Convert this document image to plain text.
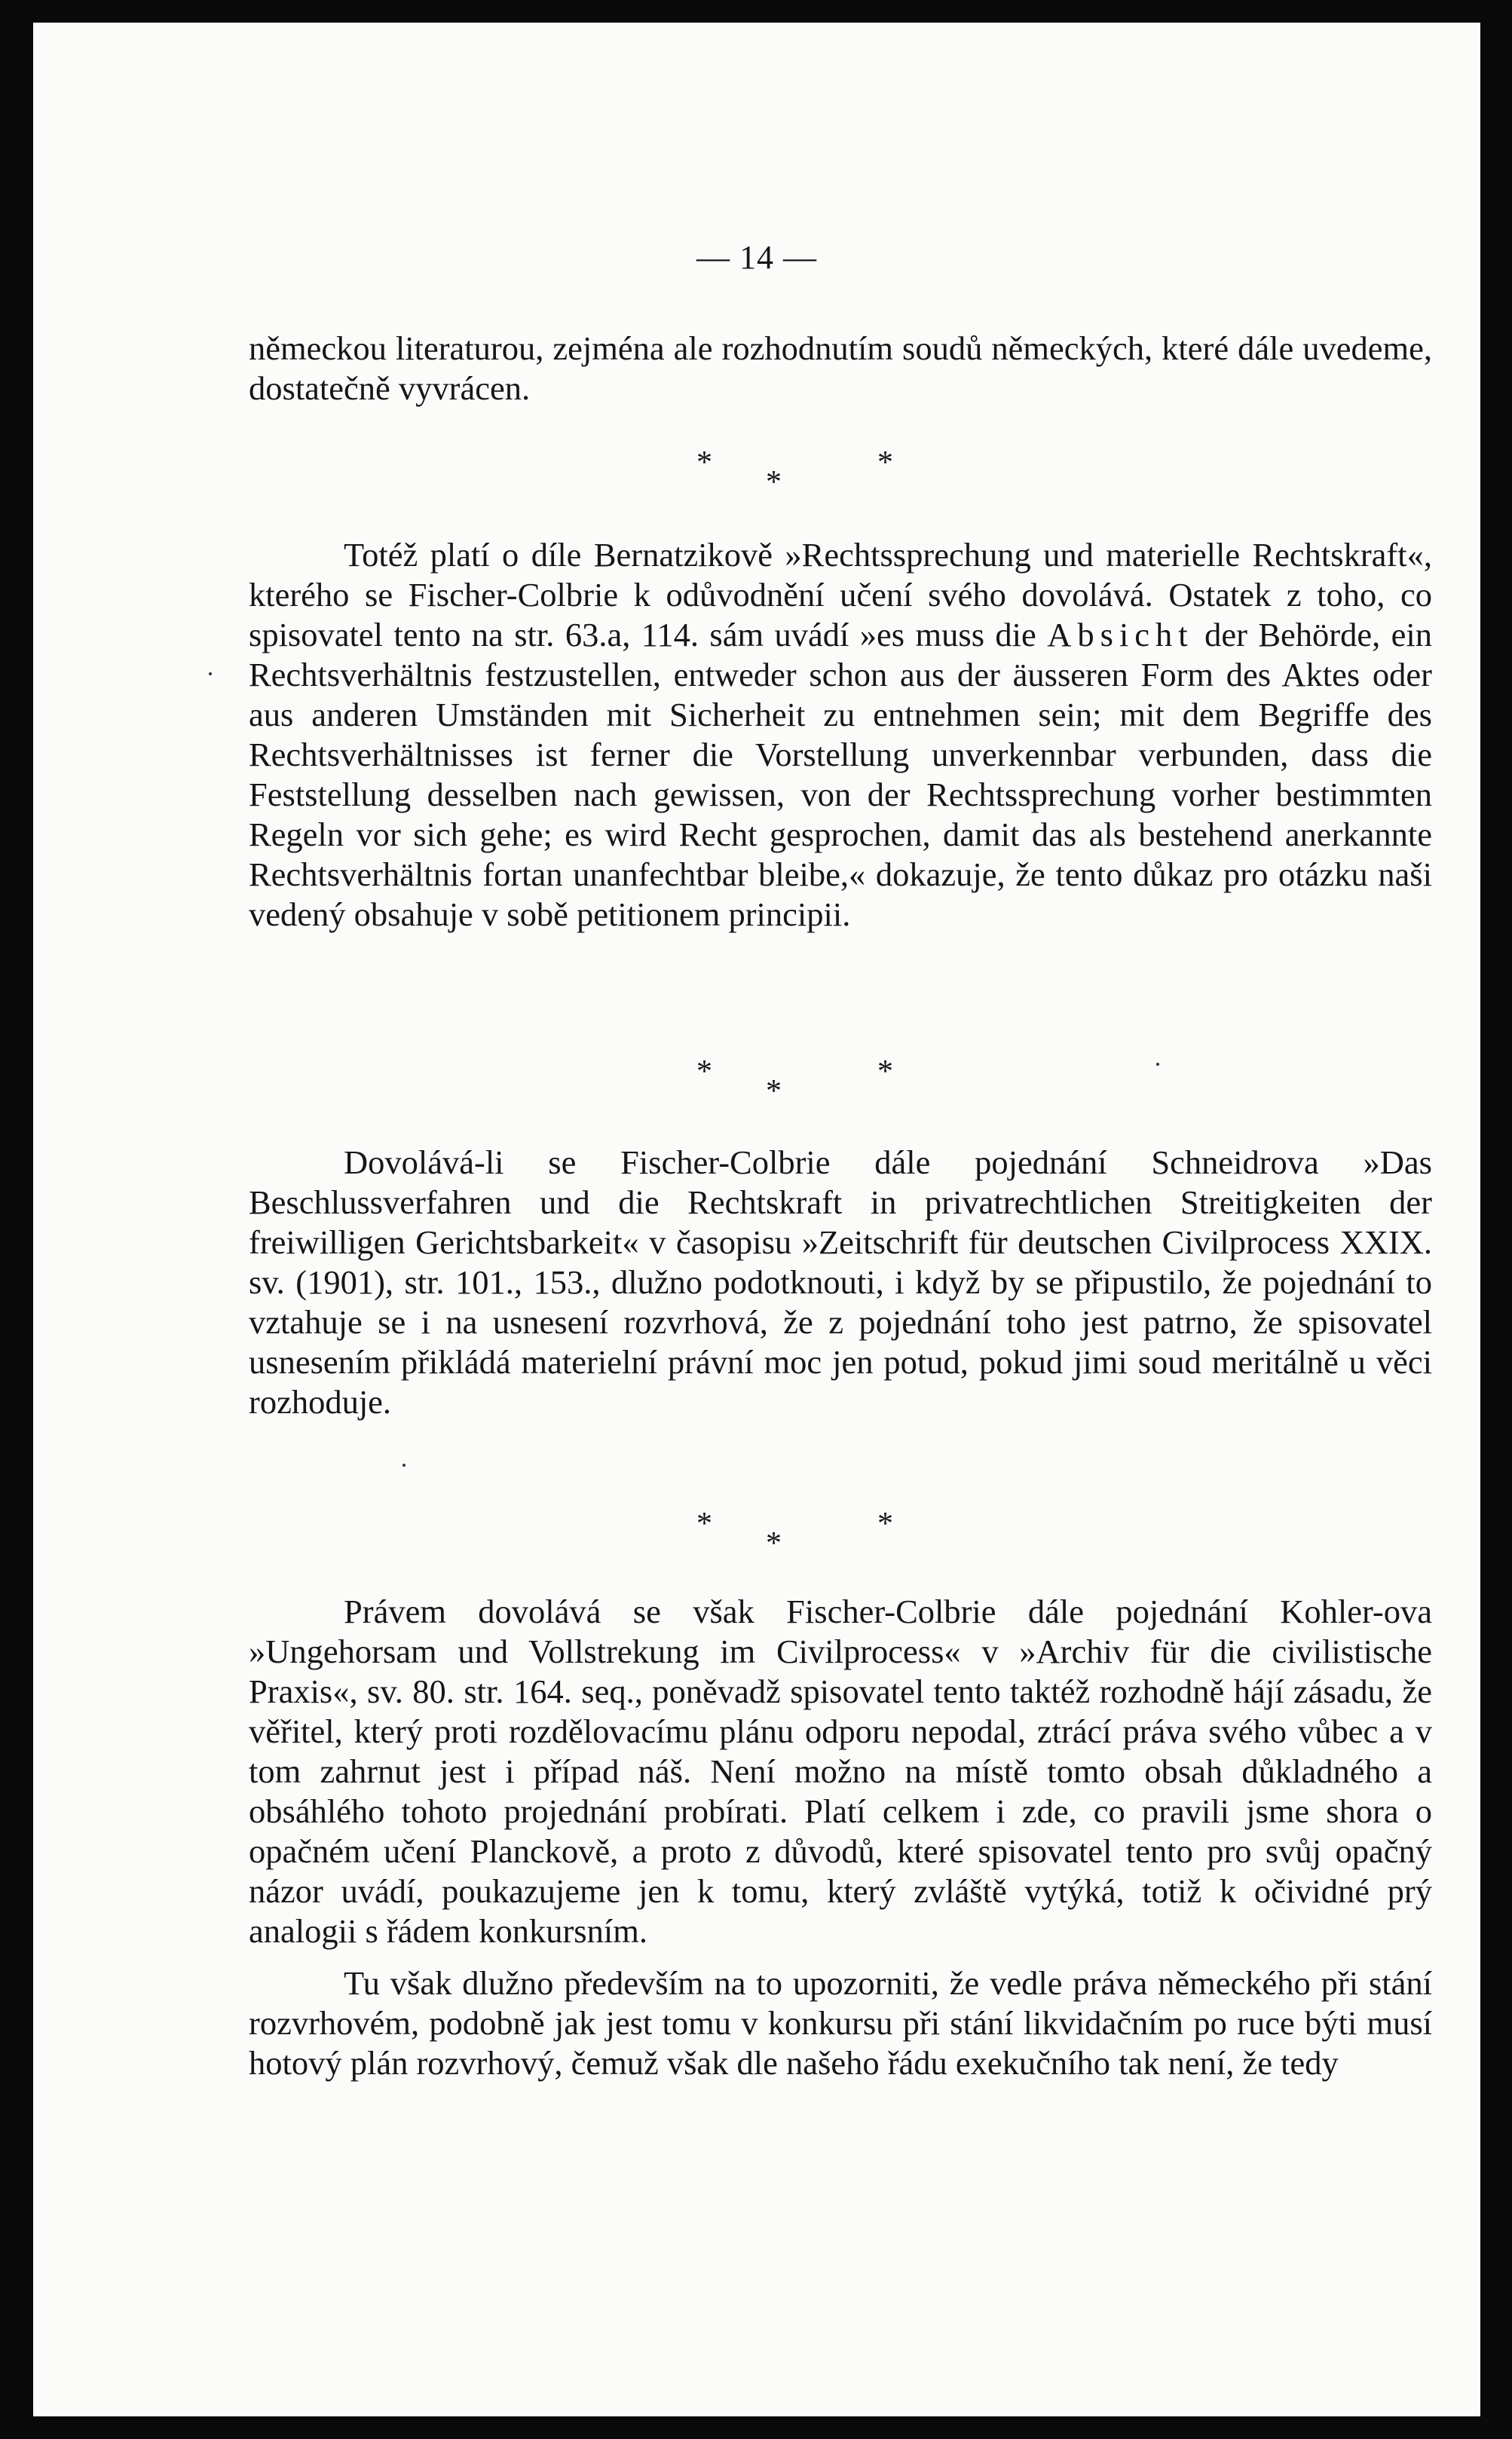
— 14 —

německou literaturou, zejména ale rozhodnutím soudů německých, které dále uvedeme, dostatečně vyvrácen.

*
*
*

Totéž platí o díle Bernatzikově »Rechtssprechung und materielle Rechtskraft«, kterého se Fischer-Colbrie k odůvodnění učení svého dovolává. Ostatek z toho, co spisovatel tento na str. 63.a, 114. sám uvádí »es muss die Absicht der Behörde, ein Rechtsverhältnis festzustellen, entweder schon aus der äusseren Form des Aktes oder aus anderen Umständen mit Sicherheit zu entnehmen sein; mit dem Begriffe des Rechtsverhältnisses ist ferner die Vorstellung unverkennbar verbunden, dass die Feststellung desselben nach gewissen, von der Rechtssprechung vorher bestimmten Regeln vor sich gehe; es wird Recht gesprochen, damit das als bestehend anerkannte Rechtsverhältnis fortan unanfechtbar bleibe,« dokazuje, že tento důkaz pro otázku naši vedený obsahuje v sobě petitionem principii.

*
*
*

Dovolává-li se Fischer-Colbrie dále pojednání Schneidrova »Das Beschlussverfahren und die Rechtskraft in privatrechtlichen Streitigkeiten der freiwilligen Gerichtsbarkeit« v časopisu »Zeitschrift für deutschen Civilprocess XXIX. sv. (1901), str. 101., 153., dlužno podotknouti, i když by se připustilo, že pojednání to vztahuje se i na usnesení rozvrhová, že z pojednání toho jest patrno, že spisovatel usnesením přikládá materielní právní moc jen potud, pokud jimi soud meritálně u věci rozhoduje.

*
*
*

Právem dovolává se však Fischer-Colbrie dále pojednání Kohler-ova »Ungehorsam und Vollstrekung im Civilprocess« v »Archiv für die civilistische Praxis«, sv. 80. str. 164. seq., poněvadž spisovatel tento taktéž rozhodně hájí zásadu, že věřitel, který proti rozdělovacímu plánu odporu nepodal, ztrácí práva svého vůbec a v tom zahrnut jest i případ náš. Není možno na místě tomto obsah důkladného a obsáhlého tohoto projednání probírati. Platí celkem i zde, co pravili jsme shora o opačném učení Planckově, a proto z důvodů, které spisovatel tento pro svůj opačný názor uvádí, poukazujeme jen k tomu, který zvláště vytýká, totiž k očividné prý analogii s řádem konkursním.

Tu však dlužno především na to upozorniti, že vedle práva německého při stání rozvrhovém, podobně jak jest tomu v konkursu při stání likvidačním po ruce býti musí hotový plán rozvrhový, čemuž však dle našeho řádu exekučního tak není, že tedy
